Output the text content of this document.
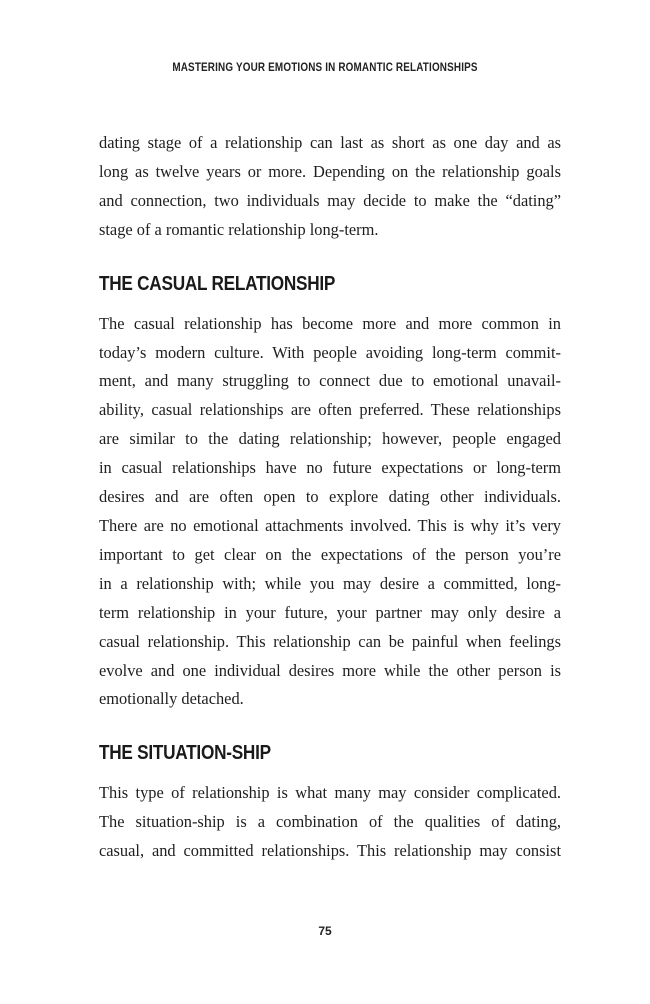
MASTERING YOUR EMOTIONS IN ROMANTIC RELATIONSHIPS
dating stage of a relationship can last as short as one day and as
long as twelve years or more. Depending on the relationship goals
and connection, two individuals may decide to make the “dating”
stage of a romantic relationship long-term.
THE CASUAL RELATIONSHIP
The casual relationship has become more and more common in
today’s modern culture. With people avoiding long-term commit-
ment, and many struggling to connect due to emotional unavail-
ability, casual relationships are often preferred. These relationships
are similar to the dating relationship; however, people engaged
in casual relationships have no future expectations or long-term
desires and are often open to explore dating other individuals.
There are no emotional attachments involved. This is why it’s very
important to get clear on the expectations of the person you’re
in a relationship with; while you may desire a committed, long-
term relationship in your future, your partner may only desire a
casual relationship. This relationship can be painful when feelings
evolve and one individual desires more while the other person is
emotionally detached.
THE SITUATION-SHIP
This type of relationship is what many may consider complicated.
The situation-ship is a combination of the qualities of dating,
casual, and committed relationships. This relationship may consist
75
